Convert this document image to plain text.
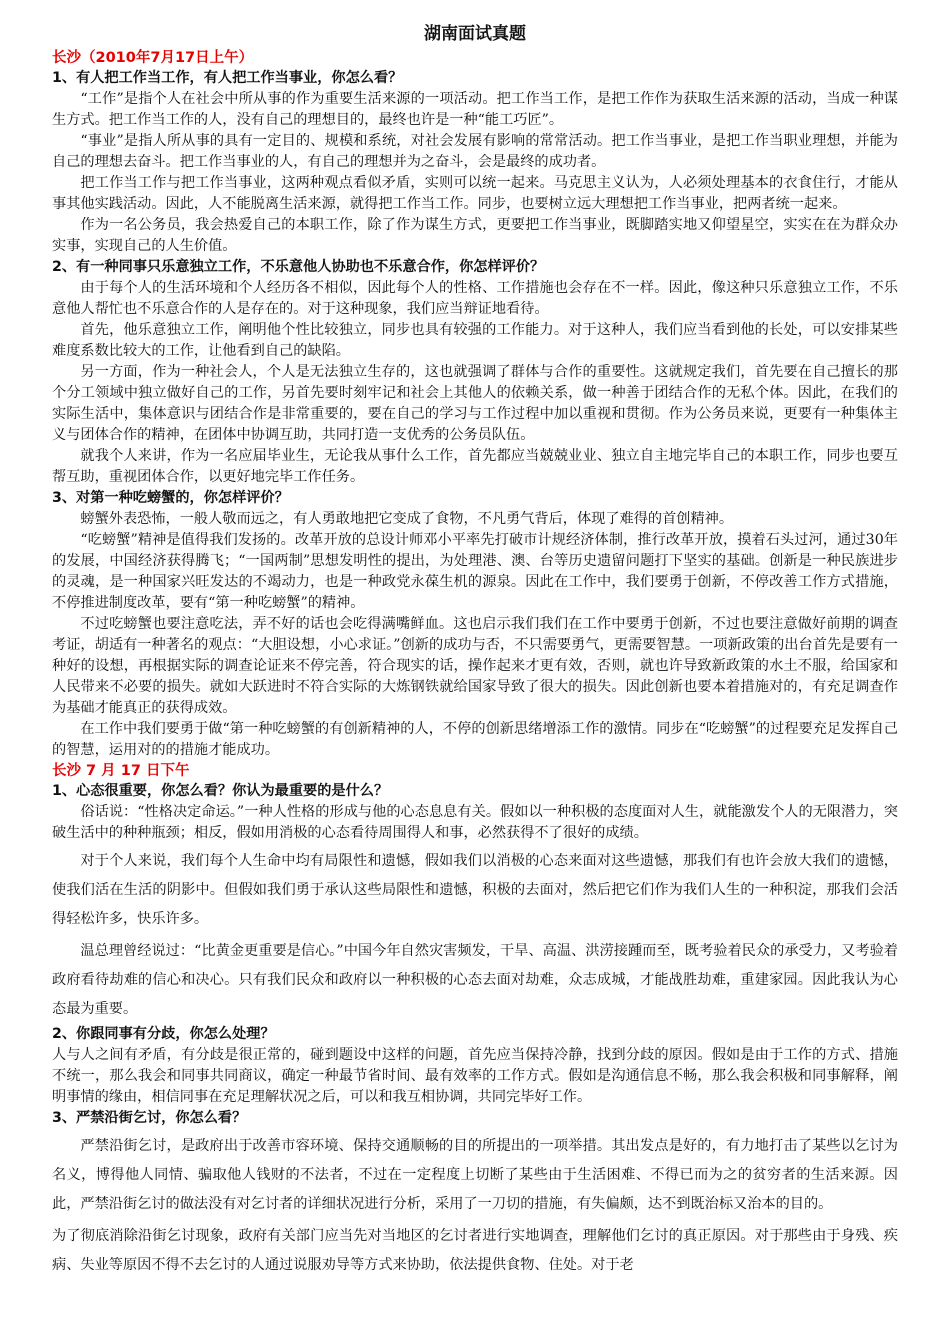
湖南面试真题
长沙（2010年7月17日上午）
1、有人把工作当工作，有人把工作当事业，你怎么看？

“工作”是指个人在社会中所从事的作为重要生活来源的一项活动。把工作当工作，是把工作作为获取生活来源的活动，当成一种谋生方式。把工作当工作的人，没有自己的理想目的，最终也许是一种“能工巧匠”。

“事业”是指人所从事的具有一定目的、规模和系统，对社会发展有影响的常常活动。把工作当事业，是把工作当职业理想，并能为自己的理想去奋斗。把工作当事业的人，有自己的理想并为之奋斗，会是最终的成功者。

把工作当工作与把工作当事业，这两种观点看似矛盾，实则可以统一起来。马克思主义认为，人必须处理基本的衣食住行，才能从事其他实践活动。因此，人不能脱离生活来源，就得把工作当工作。同步，也要树立远大理想把工作当事业，把两者统一起来。

作为一名公务员，我会热爱自己的本职工作，除了作为谋生方式，更要把工作当事业，既脚踏实地又仰望星空，实实在在为群众办实事，实现自己的人生价值。

2、有一种同事只乐意独立工作，不乐意他人协助也不乐意合作，你怎样评价？

由于每个人的生活环境和个人经历各不相似，因此每个人的性格、工作措施也会存在不一样。因此，像这种只乐意独立工作，不乐意他人帮忙也不乐意合作的人是存在的。对于这种现象，我们应当辩证地看待。

首先，他乐意独立工作，阐明他个性比较独立，同步也具有较强的工作能力。对于这种人，我们应当看到他的长处，可以安排某些难度系数比较大的工作，让他看到自己的缺陷。

另一方面，作为一种社会人，个人是无法独立生存的，这也就强调了群体与合作的重要性。这就规定我们，首先要在自己擅长的那个分工领域中独立做好自己的工作，另首先要时刻牢记和社会上其他人的依赖关系，做一种善于团结合作的无私个体。因此，在我们的实际生活中，集体意识与团结合作是非常重要的，要在自己的学习与工作过程中加以重视和贯彻。作为公务员来说，更要有一种集体主义与团体合作的精神，在团体中协调互助，共同打造一支优秀的公务员队伍。

就我个人来讲，作为一名应届毕业生，无论我从事什么工作，首先都应当兢兢业业、独立自主地完毕自己的本职工作，同步也要互帮互助，重视团体合作，以更好地完毕工作任务。

3、对第一种吃螃蟹的，你怎样评价？

螃蟹外表恐怖，一般人敬而远之，有人勇敢地把它变成了食物，不凡勇气背后，体现了难得的首创精神。

“吃螃蟹”精神是值得我们发扬的。改革开放的总设计师邓小平率先打破市计规经济体制，推行改革开放，摸着石头过河，通过30年的发展，中国经济获得腾飞；“一国两制”思想发明性的提出，为处理港、澳、台等历史遗留问题打下坚实的基础。创新是一种民族进步的灵魂，是一种国家兴旺发达的不竭动力，也是一种政党永葆生机的源泉。因此在工作中，我们要勇于创新，不停改善工作方式措施，不停推进制度改革，要有“第一种吃螃蟹”的精神。

不过吃螃蟹也要注意吃法，弄不好的话也会吃得满嘴鲜血。这也启示我们我们在工作中要勇于创新，不过也要注意做好前期的调查考证，胡适有一种著名的观点：“大胆设想，小心求证。”创新的成功与否，不只需要勇气，更需要智慧。一项新政策的出台首先是要有一种好的设想，再根据实际的调查论证来不停完善，符合现实的话，操作起来才更有效，否则，就也许导致新政策的水土不服，给国家和人民带来不必要的损失。就如大跃进时不符合实际的大炼钢铁就给国家导致了很大的损失。因此创新也要本着措施对的，有充足调查作为基础才能真正的获得成效。

在工作中我们要勇于做“第一种吃螃蟹的有创新精神的人，不停的创新思绪增添工作的激情。同步在“吃螃蟹”的过程要充足发挥自己的智慧，运用对的的措施才能成功。

长沙 7 月 17 日下午
1、心态很重要，你怎么看？你认为最重要的是什么？

俗话说：“性格决定命运。”一种人性格的形成与他的心态息息有关。假如以一种积极的态度面对人生，就能激发个人的无限潜力，突破生活中的种种瓶颈；相反，假如用消极的心态看待周围得人和事，必然获得不了很好的成绩。

对于个人来说，我们每个人生命中均有局限性和遗憾，假如我们以消极的心态来面对这些遗憾，那我们有也许会放大我们的遗憾，使我们活在生活的阴影中。但假如我们勇于承认这些局限性和遗憾，积极的去面对，然后把它们作为我们人生的一种积淀，那我们会活得轻松许多，快乐许多。

温总理曾经说过：“比黄金更重要是信心。”中国今年自然灾害频发，干旱、高温、洪涝接踵而至，既考验着民众的承受力，又考验着政府看待劫难的信心和决心。只有我们民众和政府以一种积极的心态去面对劫难，众志成城，才能战胜劫难，重建家园。因此我认为心态最为重要。

2、你跟同事有分歧，你怎么处理？

人与人之间有矛盾，有分歧是很正常的，碰到题设中这样的问题，首先应当保持冷静，找到分歧的原因。假如是由于工作的方式、措施不统一，那么我会和同事共同商议，确定一种最节省时间、最有效率的工作方式。假如是沟通信息不畅，那么我会积极和同事解释，阐明事情的缘由，相信同事在充足理解状况之后，可以和我互相协调，共同完毕好工作。

3、严禁沿街乞讨，你怎么看？

严禁沿街乞讨，是政府出于改善市容环境、保持交通顺畅的目的所提出的一项举措。其出发点是好的，有力地打击了某些以乞讨为名义，博得他人同情、骗取他人钱财的不法者，不过在一定程度上切断了某些由于生活困难、不得已而为之的贫穷者的生活来源。因此，严禁沿街乞讨的做法没有对乞讨者的详细状况进行分析，采用了一刀切的措施，有失偏颇，达不到既治标又治本的目的。

为了彻底消除沿街乞讨现象，政府有关部门应当先对当地区的乞讨者进行实地调查，理解他们乞讨的真正原因。对于那些由于身残、疾病、失业等原因不得不去乞讨的人通过说服劝导等方式来协助，依法提供食物、住处。对于老
